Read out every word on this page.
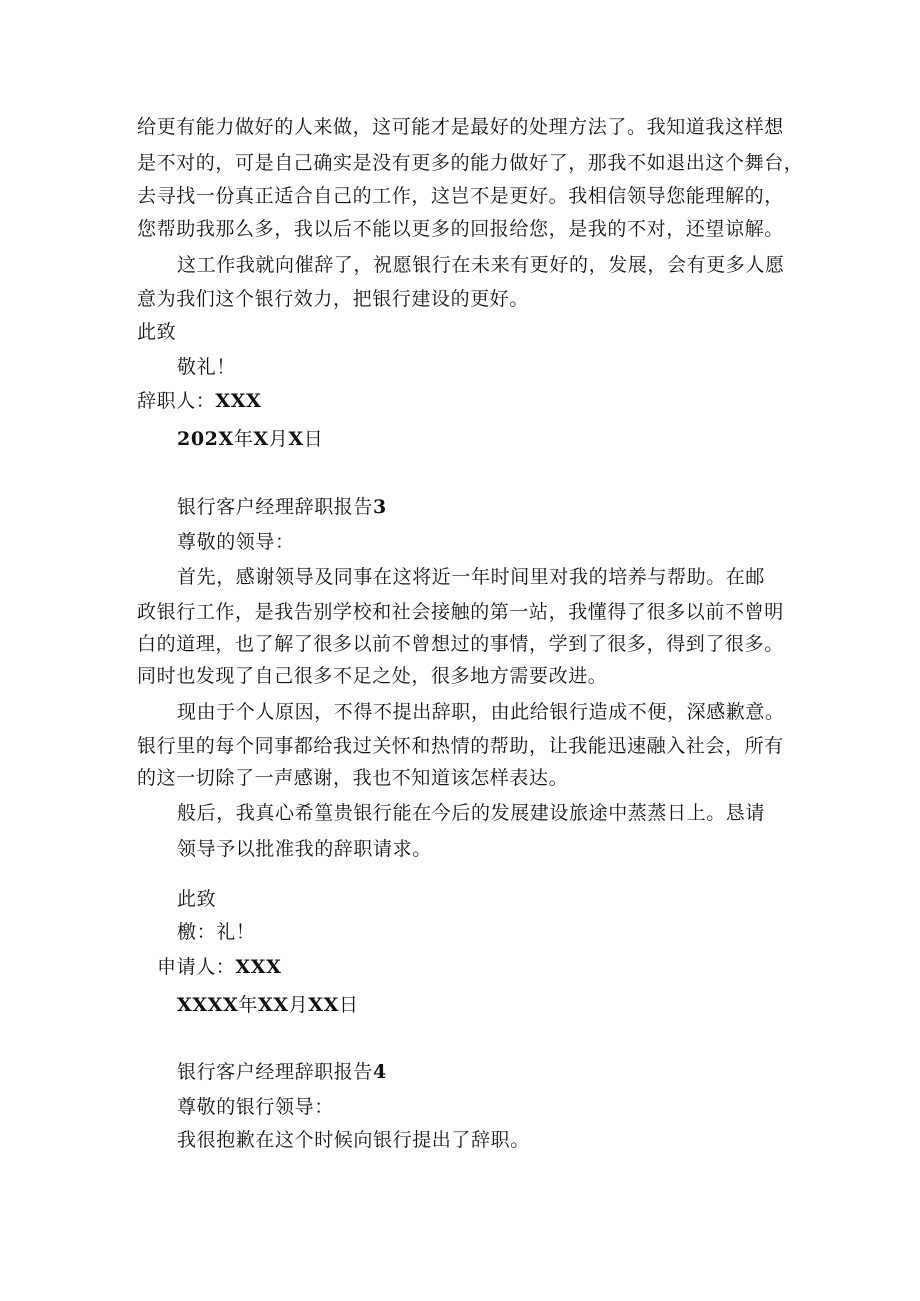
给更有能力做好的人来做，这可能才是最好的处理方法了。我知道我这样想
是不对的，可是自己确实是没有更多的能力做好了，那我不如退出这个舞台，
去寻找一份真正适合自己的工作，这岂不是更好。我相信领导您能理解的，
您帮助我那么多，我以后不能以更多的回报给您，是我的不对，还望谅解。
这工作我就向催辞了，祝愿银行在未来有更好的，发展，会有更多人愿
意为我们这个银行效力，把银行建设的更好。
此致
敬礼！
辞职人：XXX
202X年X月X日
银行客户经理辞职报告3
尊敬的领导：
首先，感谢领导及同事在这将近一年时间里对我的培养与帮助。在邮
政银行工作，是我告别学校和社会接触的第一站，我懂得了很多以前不曾明
白的道理，也了解了很多以前不曾想过的事情，学到了很多，得到了很多。
同时也发现了自己很多不足之处，很多地方需要改进。
现由于个人原因，不得不提出辞职，由此给银行造成不便，深感歉意。
银行里的每个同事都给我过关怀和热情的帮助，让我能迅速融入社会，所有
的这一切除了一声感谢，我也不知道该怎样表达。
般后，我真心希篁贵银行能在今后的发展建设旅途中蒸蒸日上。恳请
领导予以批准我的辞职请求。
此致
檄：礼！
申请人：XXX
XXXX年XX月XX日
银行客户经理辞职报告4
尊敬的银行领导：
我很抱歉在这个时候向银行提出了辞职。
